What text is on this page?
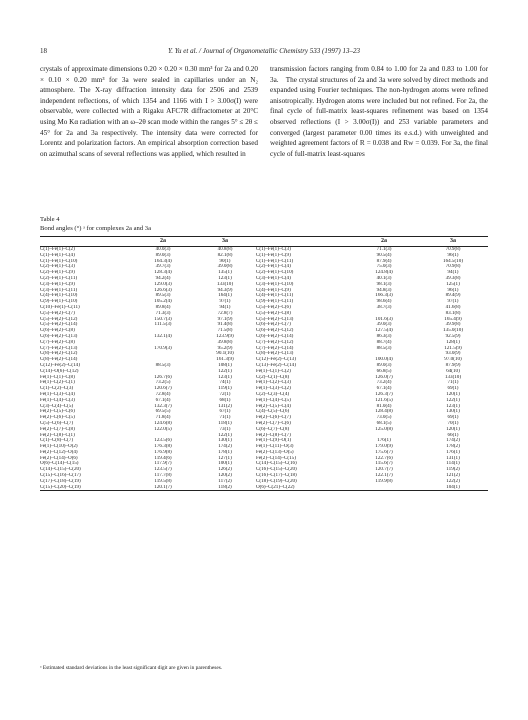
18	Y. Yu et al. / Journal of Organometallic Chemistry 533 (1997) 13–23
crystals of approximate dimensions 0.20 × 0.20 × 0.30 mm³ for 2a and 0.20 × 0.10 × 0.20 mm³ for 3a were sealed in capillaries under an N₂ atmosphere. The X-ray diffraction intensity data for 2506 and 2539 independent reflections, of which 1354 and 1166 with I > 3.00σ(I) were observable, were collected with a Rigaku AFC7R diffractometer at 20°C using Mo Kα radiation with an ω–2θ scan mode within the ranges 5° ≤ 2θ ≤ 45° for 2a and 3a respectively. The intensity data were corrected for Lorentz and polarization factors. An empirical absorption correction based on azimuthal scans of several reflections was applied, which resulted in
transmission factors ranging from 0.84 to 1.00 for 2a and 0.83 to 1.00 for 3a. The crystal structures of 2a and 3a were solved by direct methods and expanded using Fourier techniques. The non-hydrogen atoms were refined anisotropically. Hydrogen atoms were included but not refined. For 2a, the final cycle of full-matrix least-squares refinement was based on 1354 observed reflections (I > 3.00σ(I)) and 253 variable parameters and converged (largest parameter 0.00 times its e.s.d.) with unweighted and weighted agreement factors of R = 0.038 and Rw = 0.039. For 3a, the final cycle of full-matrix least-squares
Table 4
Bond angles (°) ᵃ for complexes 2a and 3a
	2a	3a		2a	3a
C(1)–Fe(1)–C(2)	40.0(3)	40.8(8)	C(1)–Fe(1)–C(3)	71.1(3)	70.9(8)
C(1)–Fe(1)–C(4)	89.0(3)	82.1(8)	C(1)–Fe(1)–C(9)	90.5(4)	96(1)
C(1)–Fe(1)–C(10)	164.3(4)	90(1)	C(1)–Fe(1)–C(11)	87.9(4)	164.5(10)
C(2)–Fe(1)–C(3)	39.7(3)	39.0(8)	C(2)–Fe(1)–C(4)	75.0(3)	70.9(8)
C(2)–Fe(1)–C(9)	128.3(4)	135(1)	C(2)–Fe(1)–C(10)	124.8(4)	94(1)
C(2)–Fe(1)–C(11)	94.2(4)	123(1)	C(3)–Fe(1)–C(4)	40.1(3)	39.3(8)
C(3)–Fe(1)–C(9)	129.0(3)	133(10)	C(3)–Fe(1)–C(10)	98.1(3)	125(1)
C(3)–Fe(1)–C(11)	126.6(3)	94.3(9)	C(4)–Fe(1)–C(9)	94.8(3)	96(1)
C(4)–Fe(1)–C(10)	89.5(3)	164(1)	C(4)–Fe(1)–C(11)	166.3(3)	89.4(9)
C(9)–Fe(1)–C(10)	105.2(4)	97(1)	C(9)–Fe(1)–C(11)	98.6(4)	97(1)
C(10)–Fe(1)–C(11)	89.8(4)	94(1)	C(5)–Fe(2)–C(6)	38.7(3)	41.6(8)
C(5)–Fe(2)–C(7)	71.3(3)	72.8(7)	C(5)–Fe(2)–C(8)		83.1(8)
C(5)–Fe(2)–C(12)	150.7(3)	97.1(9)	C(5)–Fe(2)–C(13)	101.6(3)	165.4(9)
C(5)–Fe(2)–C(14)	111.5(3)	91.4(8)	C(6)–Fe(2)–C(7)	39.0(3)	39.9(8)
C(6)–Fe(2)–C(8)		71.5(8)	C(6)–Fe(2)–C(12)	127.5(4)	135.0(10)
C(6)–Fe(2)–C(13)	132.1(4)	123.9(9)	C(6)–Fe(2)–C(14)	86.3(3)	92.5(9)
C(7)–Fe(2)–C(8)		39.8(8)	C(7)–Fe(2)–C(12)	88.7(4)	128(1)
C(7)–Fe(2)–C(13)	170.9(3)	95.2(9)	C(7)–Fe(2)–C(14)	88.5(3)	121.5(9)
C(8)–Fe(2)–C(12)		90.1(10)	C(8)–Fe(2)–C(13)		93.0(9)
C(8)–Fe(2)–C(14)		161.3(9)	C(12)–Fe(2)–C(13)	100.0(4)	97.0(10)
C(12)–Fe(2)–C(14)	88.5(3)	108(1)	C(13)–Fe(2)–C(14)	89.0(3)	87.9(9)
C(14)–O(6)–C(12)		122(1)	Fe(1)–C(1)–C(2)	66.8(5)	64(10)
Fe(1)–C(1)–C(8)	126.7(6)	123(1)	C(2)–C(1)–C(8)	126.0(7)	133(10)
Fe(1)–C(2)–C(1)	73.2(5)	74(1)	Fe(1)–C(2)–C(3)	73.2(4)	71(1)
C(1)–C(2)–C(3)	120.6(7)	119(1)	Fe(1)–C(3)–C(2)	67.1(4)	69(1)
Fe(1)–C(3)–C(4)	72.8(4)	72(1)	C(2)–C(3)–C(4)	126.3(7)	120(1)
Fe(1)–C(4)–C(3)	67.1(4)	68(1)	Fe(1)–C(4)–C(5)	121.6(5)	122(1)
C(3)–C(4)–C(5)	132.3(7)	131(2)	Fe(2)–C(5)–C(4)	81.0(4)	123(1)
Fe(2)–C(5)–C(6)	69.5(5)	67(1)	C(4)–C(5)–C(6)	128.4(8)	130(1)
Fe(2)–C(6)–C(5)	71.8(4)	71(1)	Fe(2)–C(6)–C(7)	73.0(5)	69(1)
C(5)–C(6)–C(7)	124.6(8)	118(1)	Fe(2)–C(7)–C(6)	68.1(5)	70(1)
Fe(2)–C(7)–C(8)	122.0(5)	73(1)	C(6)–C(7)–C(8)	125.0(8)	120(1)
Fe(2)–C(8)–C(1)		122(1)	Fe(2)–C(8)–C(7)		66(1)
C(1)–C(8)–C(7)	123.5(6)	130(1)	Fe(1)–C(9)–O(1)	176(1)	174(2)
Fe(1)–C(10)–O(2)	176.3(8)	174(2)	Fe(1)–C(11)–O(3)	179.0(9)	178(2)
Fe(2)–C(12)–O(4)	176.9(8)	178(1)	Fe(2)–C(13)–O(5)	175.6(7)	176(1)
Fe(2)–C(14)–O(6)	119.4(6)	127(1)	Fe(2)–C(14)–C(15)	122.7(6)	131(1)
O(6)–C(14)–C(15)	117.9(7)	100(1)	C(14)–C(15)–C(16)	115.6(7)	114(1)
C(14)–C(15)–C(20)	123.5(7)	126(2)	C(16)–C(15)–C(20)	120.7(7)	119(2)
C(15)–C(16)–C(17)	117.7(8)	120(2)	C(16)–C(17)–C(18)	122.1(7)	121(2)
C(17)–C(18)–C(19)	119.5(8)	117(2)	C(18)–C(19)–C(20)	119.9(8)	122(2)
C(15)–C(20)–C(19)	120.1(7)	118(2)	O(6)–C(21)–C(22)		104(1)
ᵃ Estimated standard deviations in the least significant digit are given in parentheses.
